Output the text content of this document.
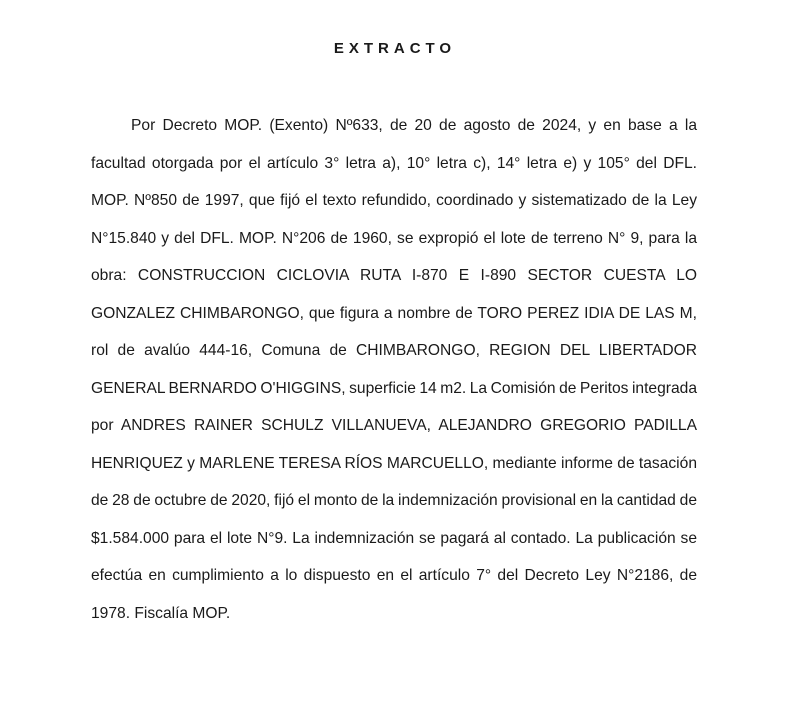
EXTRACTO
Por Decreto MOP. (Exento) Nº633, de 20 de agosto de 2024, y en base a la
facultad otorgada por el artículo 3° letra a), 10° letra c), 14° letra e) y 105° del DFL.
MOP. Nº850 de 1997, que fijó el texto refundido, coordinado y sistematizado de la Ley
N°15.840 y del DFL. MOP. N°206 de 1960, se expropió el lote de terreno N° 9, para la
obra: CONSTRUCCION CICLOVIA RUTA I-870 E I-890 SECTOR CUESTA LO
GONZALEZ CHIMBARONGO, que figura a nombre de TORO PEREZ IDIA DE LAS M,
rol de avalúo 444-16, Comuna de CHIMBARONGO, REGION DEL LIBERTADOR
GENERAL BERNARDO O'HIGGINS, superficie 14 m2. La Comisión de Peritos integrada
por ANDRES RAINER SCHULZ VILLANUEVA, ALEJANDRO GREGORIO PADILLA
HENRIQUEZ y MARLENE TERESA RÍOS MARCUELLO, mediante informe de tasación
de 28 de octubre de 2020, fijó el monto de la indemnización provisional en la cantidad de
$1.584.000 para el lote N°9. La indemnización se pagará al contado. La publicación se
efectúa en cumplimiento a lo dispuesto en el artículo 7° del Decreto Ley N°2186, de
1978. Fiscalía MOP.
